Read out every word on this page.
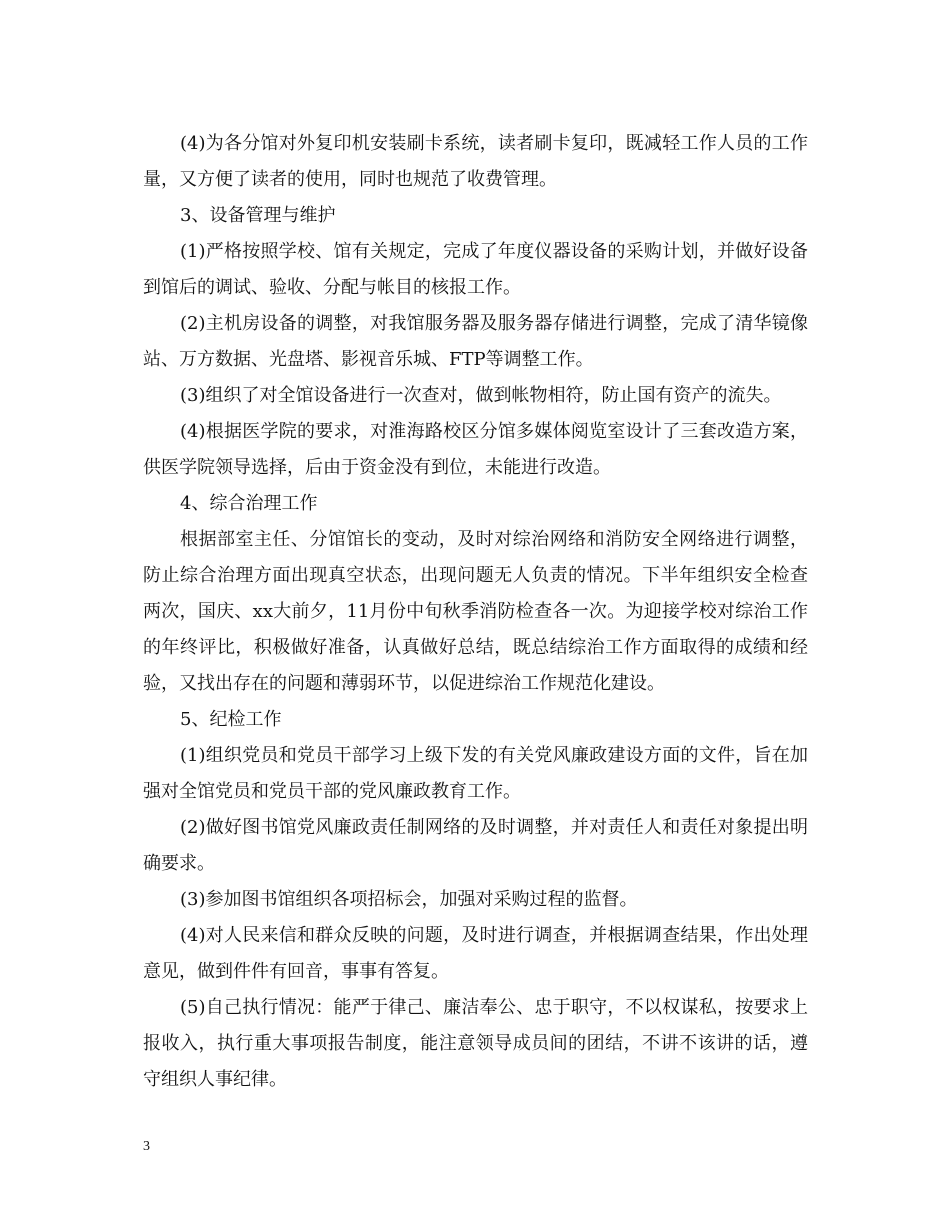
(4)为各分馆对外复印机安装刷卡系统，读者刷卡复印，既减轻工作人员的工作量，又方便了读者的使用，同时也规范了收费管理。

3、设备管理与维护

(1)严格按照学校、馆有关规定，完成了年度仪器设备的采购计划，并做好设备到馆后的调试、验收、分配与帐目的核报工作。

(2)主机房设备的调整，对我馆服务器及服务器存储进行调整，完成了清华镜像站、万方数据、光盘塔、影视音乐城、FTP等调整工作。

(3)组织了对全馆设备进行一次查对，做到帐物相符，防止国有资产的流失。

(4)根据医学院的要求，对淮海路校区分馆多媒体阅览室设计了三套改造方案，供医学院领导选择，后由于资金没有到位，未能进行改造。

4、综合治理工作

根据部室主任、分馆馆长的变动，及时对综治网络和消防安全网络进行调整，防止综合治理方面出现真空状态，出现问题无人负责的情况。下半年组织安全检查两次，国庆、xx大前夕，11月份中旬秋季消防检查各一次。为迎接学校对综治工作的年终评比，积极做好准备，认真做好总结，既总结综治工作方面取得的成绩和经验，又找出存在的问题和薄弱环节，以促进综治工作规范化建设。

5、纪检工作

(1)组织党员和党员干部学习上级下发的有关党风廉政建设方面的文件，旨在加强对全馆党员和党员干部的党风廉政教育工作。

(2)做好图书馆党风廉政责任制网络的及时调整，并对责任人和责任对象提出明确要求。

(3)参加图书馆组织各项招标会，加强对采购过程的监督。

(4)对人民来信和群众反映的问题，及时进行调查，并根据调查结果，作出处理意见，做到件件有回音，事事有答复。

(5)自己执行情况：能严于律己、廉洁奉公、忠于职守，不以权谋私，按要求上报收入，执行重大事项报告制度，能注意领导成员间的团结，不讲不该讲的话，遵守组织人事纪律。

3
